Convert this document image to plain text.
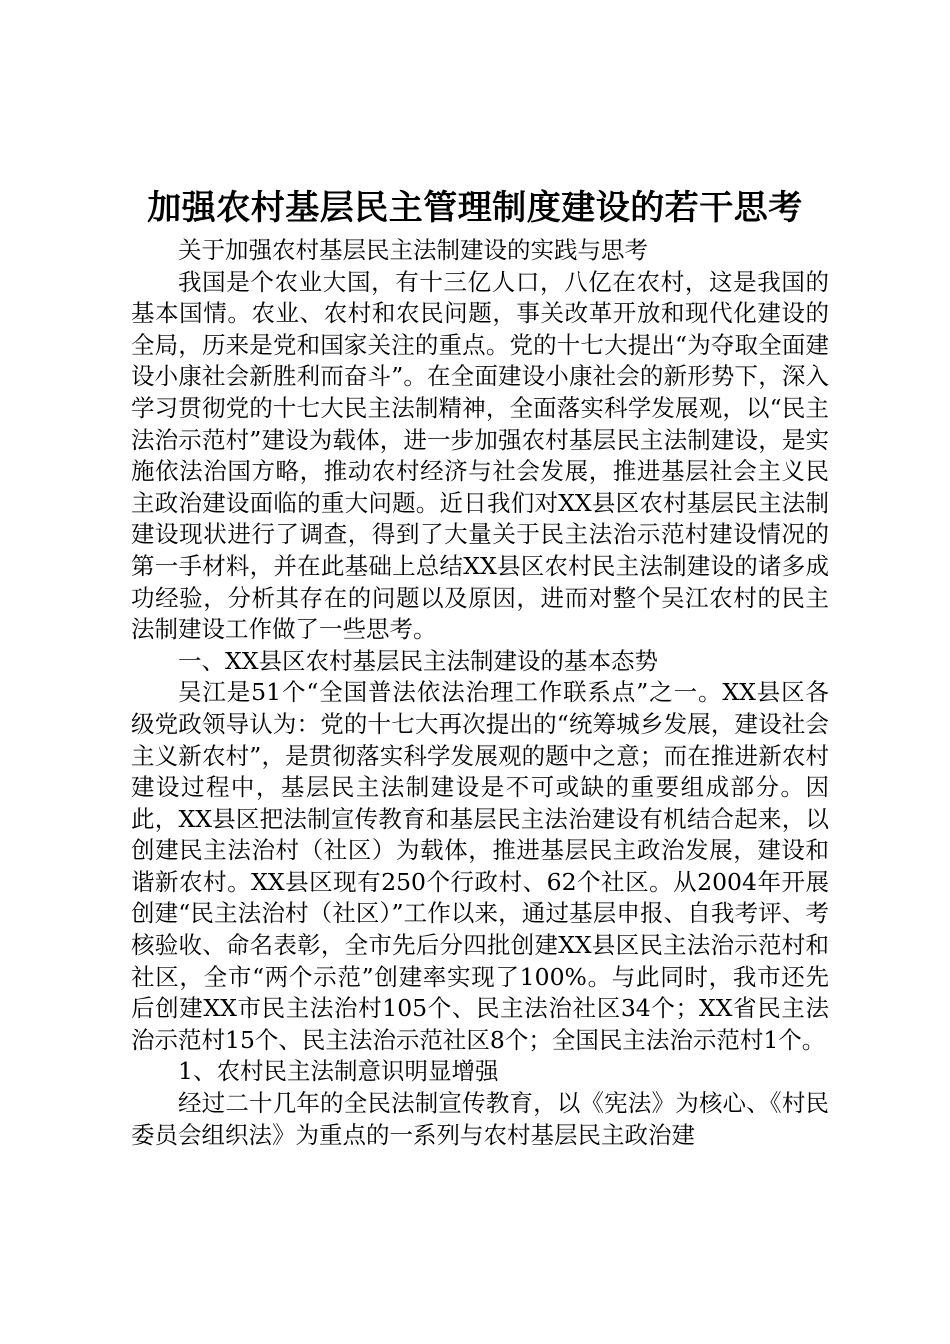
加强农村基层民主管理制度建设的若干思考

关于加强农村基层民主法制建设的实践与思考

我国是个农业大国，有十三亿人口，八亿在农村，这是我国的基本国情。农业、农村和农民问题，事关改革开放和现代化建设的全局，历来是党和国家关注的重点。党的十七大提出“为夺取全面建设小康社会新胜利而奋斗”。在全面建设小康社会的新形势下，深入学习贯彻党的十七大民主法制精神，全面落实科学发展观，以“民主法治示范村”建设为载体，进一步加强农村基层民主法制建设，是实施依法治国方略，推动农村经济与社会发展，推进基层社会主义民主政治建设面临的重大问题。近日我们对XX县区农村基层民主法制建设现状进行了调查，得到了大量关于民主法治示范村建设情况的第一手材料，并在此基础上总结XX县区农村民主法制建设的诸多成功经验，分析其存在的问题以及原因，进而对整个吴江农村的民主法制建设工作做了一些思考。

一、XX县区农村基层民主法制建设的基本态势

吴江是51个“全国普法依法治理工作联系点”之一。XX县区各级党政领导认为：党的十七大再次提出的“统筹城乡发展，建设社会主义新农村”，是贯彻落实科学发展观的题中之意；而在推进新农村建设过程中，基层民主法制建设是不可或缺的重要组成部分。因此，XX县区把法制宣传教育和基层民主法治建设有机结合起来，以创建民主法治村（社区）为载体，推进基层民主政治发展，建设和谐新农村。XX县区现有250个行政村、62个社区。从2004年开展创建“民主法治村（社区）”工作以来，通过基层申报、自我考评、考核验收、命名表彰，全市先后分四批创建XX县区民主法治示范村和社区，全市“两个示范”创建率实现了100%。与此同时，我市还先后创建XX市民主法治村105个、民主法治社区34个；XX省民主法治示范村15个、民主法治示范社区8个；全国民主法治示范村1个。

1、农村民主法制意识明显增强

经过二十几年的全民法制宣传教育，以《宪法》为核心、《村民委员会组织法》为重点的一系列与农村基层民主政治建
